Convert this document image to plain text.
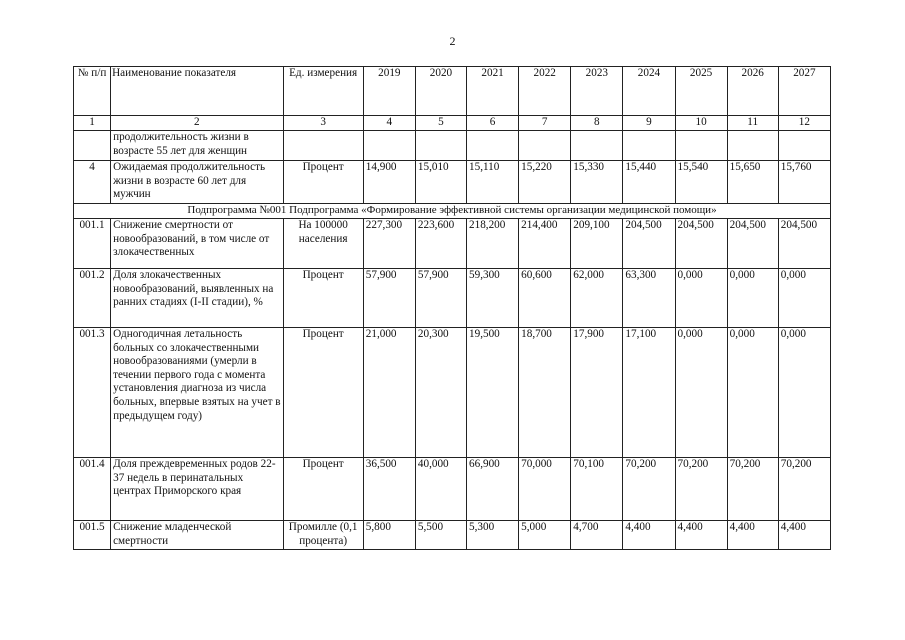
2
№ п/п	Наименование показателя	Ед. измерения	2019	2020	2021	2022	2023	2024	2025	2026	2027
1	2	3	4	5	6	7	8	9	10	11	12
	продолжительность жизни в возрасте 55 лет для женщин										
4	Ожидаемая продолжительность жизни в возрасте 60 лет для мужчин	Процент	14,900	15,010	15,110	15,220	15,330	15,440	15,540	15,650	15,760
Подпрограмма №001 Подпрограмма «Формирование эффективной системы организации медицинской помощи»											
001.1	Снижение смертности от новообразований, в том числе от злокачественных	На 100000 населения	227,300	223,600	218,200	214,400	209,100	204,500	204,500	204,500	204,500
001.2	Доля злокачественных новообразований, выявленных на ранних стадиях (I-II стадии), %	Процент	57,900	57,900	59,300	60,600	62,000	63,300	0,000	0,000	0,000
001.3	Одногодичная летальность больных со злокачественными новообразованиями (умерли в течении первого года с момента установления диагноза из числа больных, впервые взятых на учет в предыдущем году)	Процент	21,000	20,300	19,500	18,700	17,900	17,100	0,000	0,000	0,000
001.4	Доля преждевременных родов 22-37 недель в перинатальных центрах Приморского края	Процент	36,500	40,000	66,900	70,000	70,100	70,200	70,200	70,200	70,200
001.5	Снижение младенческой смертности	Промилле (0,1 процента)	5,800	5,500	5,300	5,000	4,700	4,400	4,400	4,400	4,400
